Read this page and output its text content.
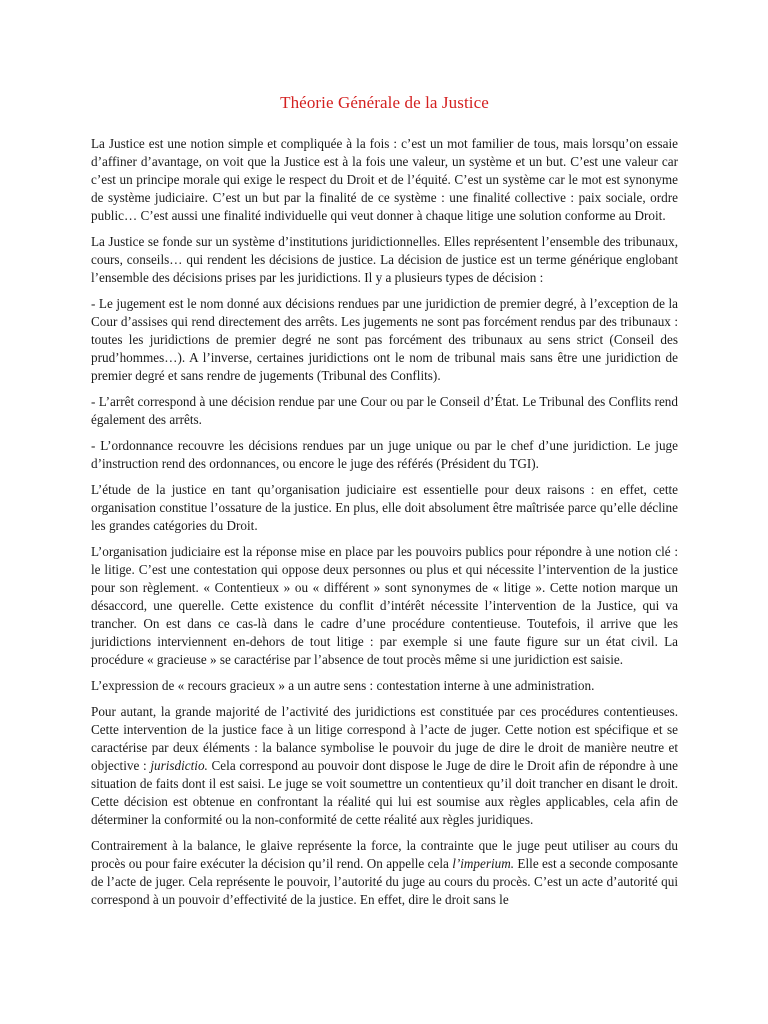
Théorie Générale de la Justice

La Justice est une notion simple et compliquée à la fois : c’est un mot familier de tous, mais lorsqu’on essaie d’affiner d’avantage, on voit que la Justice est à la fois une valeur, un système et un but. C’est une valeur car c’est un principe morale qui exige le respect du Droit et de l’équité. C’est un système car le mot est synonyme de système judiciaire. C’est un but par la finalité de ce système : une finalité collective : paix sociale, ordre public… C’est aussi une finalité individuelle qui veut donner à chaque litige une solution conforme au Droit.

La Justice se fonde sur un système d’institutions juridictionnelles. Elles représentent l’ensemble des tribunaux, cours, conseils… qui rendent les décisions de justice. La décision de justice est un terme générique englobant l’ensemble des décisions prises par les juridictions. Il y a plusieurs types de décision :

- Le jugement est le nom donné aux décisions rendues par une juridiction de premier degré, à l’exception de la Cour d’assises qui rend directement des arrêts. Les jugements ne sont pas forcément rendus par des tribunaux : toutes les juridictions de premier degré ne sont pas forcément des tribunaux au sens strict (Conseil des prud’hommes…). A l’inverse, certaines juridictions ont le nom de tribunal mais sans être une juridiction de premier degré et sans rendre de jugements (Tribunal des Conflits).

- L’arrêt correspond à une décision rendue par une Cour ou par le Conseil d’État. Le Tribunal des Conflits rend également des arrêts.

- L’ordonnance recouvre les décisions rendues par un juge unique ou par le chef d’une juridiction. Le juge d’instruction rend des ordonnances, ou encore le juge des référés (Président du TGI).

L’étude de la justice en tant qu’organisation judiciaire est essentielle pour deux raisons : en effet, cette organisation constitue l’ossature de la justice. En plus, elle doit absolument être maîtrisée parce qu’elle décline les grandes catégories du Droit.

L’organisation judiciaire est la réponse mise en place par les pouvoirs publics pour répondre à une notion clé : le litige. C’est une contestation qui oppose deux personnes ou plus et qui nécessite l’intervention de la justice pour son règlement. « Contentieux » ou « différent » sont synonymes de « litige ». Cette notion marque un désaccord, une querelle. Cette existence du conflit d’intérêt nécessite l’intervention de la Justice, qui va trancher. On est dans ce cas-là dans le cadre d’une procédure contentieuse. Toutefois, il arrive que les juridictions interviennent en-dehors de tout litige : par exemple si une faute figure sur un état civil. La procédure « gracieuse » se caractérise par l’absence de tout procès même si une juridiction est saisie.

L’expression de « recours gracieux » a un autre sens : contestation interne à une administration.

Pour autant, la grande majorité de l’activité des juridictions est constituée par ces procédures contentieuses. Cette intervention de la justice face à un litige correspond à l’acte de juger. Cette notion est spécifique et se caractérise par deux éléments : la balance symbolise le pouvoir du juge de dire le droit de manière neutre et objective : jurisdictio. Cela correspond au pouvoir dont dispose le Juge de dire le Droit afin de répondre à une situation de faits dont il est saisi. Le juge se voit soumettre un contentieux qu’il doit trancher en disant le droit. Cette décision est obtenue en confrontant la réalité qui lui est soumise aux règles applicables, cela afin de déterminer la conformité ou la non-conformité de cette réalité aux règles juridiques.

Contrairement à la balance, le glaive représente la force, la contrainte que le juge peut utiliser au cours du procès ou pour faire exécuter la décision qu’il rend. On appelle cela l’imperium. Elle est a seconde composante de l’acte de juger. Cela représente le pouvoir, l’autorité du juge au cours du procès. C’est un acte d’autorité qui correspond à un pouvoir d’effectivité de la justice. En effet, dire le droit sans le
